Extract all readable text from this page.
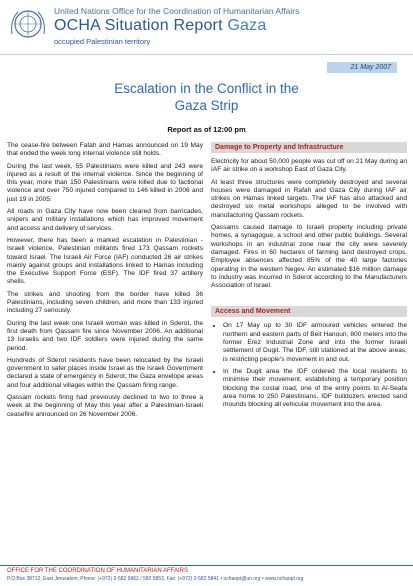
United Nations Office for the Coordination of Humanitarian Affairs
OCHA Situation Report Gaza
occupied Palestinian territory
21 May 2007
Escalation in the Conflict in the
Gaza Strip
Report as of 12:00 pm

The cease-fire between Fatah and Hamas announced on 19 May that ended the week long internal violence still holds.

During the last week, 55 Palestinians were killed and 243 were injured as a result of the internal violence. Since the beginning of this year, more than 150 Palestinians were killed due to factional violence and over 750 injured compared to 146 killed in 2006 and just 19 in 2005.

All roads in Gaza City have now been cleared from barricades, snipers and military installations which has improved movement and access and delivery of services.

However, there has been a marked escalation in Palestinian - Israeli violence. Palestinian militants fired 173 Qassam rockets toward Israel. The Israeli Air Force (IAF) conducted 26 air strikes mainly against groups and installations linked to Hamas including the Executive Support Force (ESF). The IDF fired 37 artillery shells.

The strikes and shooting from the border have killed 36 Palestinians, including seven children, and more than 133 injured including 27 seriously.

During the last week one Israeli woman was killed in Sderot, the first death from Qassam fire since November 2006. An additional 13 Israelis and two IDF soldiers were injured during the same period.

Hundreds of Sderot residents have been relocated by the Israeli government to safer places inside Israel as the Israeli Government declared a state of emergency in Sderot, the Gaza envelope areas and four additional villages within the Qassam firing range.

Qassam rockets firing had previously declined to two to three a week at the beginning of May this year after a Palestinian-Israeli ceasefire announced on 26 November 2006.

Damage to Property and Infrastructure

Electricity for about 50,000 people was cut off on 21 May during an IAF air strike on a workshop East of Gaza City.

At least three structures were completely destroyed and several houses were damaged in Rafah and Gaza City during IAF air strikes on Hamas linked targets. The IAF has also attacked and destroyed six metal workshops alleged to be involved with manufacturing Qassam rockets.

Qassams caused damage to Israeli property including private homes, a synagogue, a school and other public buildings. Several workshops in an industrial zone near the city were severely damaged. Fires in 60 hectares of farming land destroyed crops. Employee absences affected 85% of the 40 large factories operating in the western Negev. An estimated $16 million damage to industry was incurred in Sderot according to the Manufacturers Association of Israel.

Access and Movement
• On 17 May up to 30 IDF armoured vehicles entered the northern and eastern parts of Beit Hanoun, 800 meters into the former Erez Industrial Zone and into the former Israeli settlement of Dugit. The IDF, still stationed at the above areas, is restricting people's movement in and out.
• In the Dugit area the IDF ordered the local residents to minimise their movement, establishing a temporary position blocking the costal road, one of the entry points to Al-Seafa area home to 250 Palestinians. IDF bulldozers erected sand mounds blocking all vehicular movement into the area.
OFFICE FOR THE COORDINATION OF HUMANITARIAN AFFAIRS
P.O.Box 38712, East Jerusalem, Phone: (+972) 2-582 9962 / 582 5853, Fax: (+972) 2-582 5841 • ochaopt@un.org • www.ochaopt.org
